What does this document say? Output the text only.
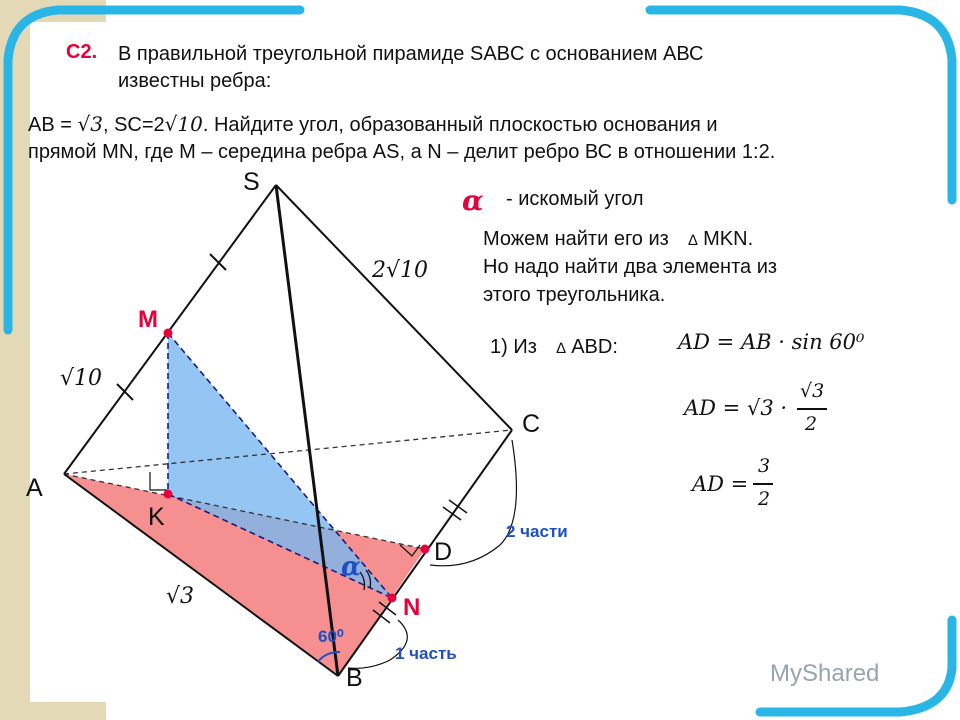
С2. В правильной треугольной пирамиде SABC с основанием АВС
известны ребра:
AB = √3, SC=2√10. Найдите угол, образованный плоскостью основания и
прямой MN, где М – середина ребра AS, а N – делит ребро ВС в отношении 1:2.
α - искомый угол
Можем найти его из ∆ MKN.
Но надо найти два элемента из
этого треугольника.
1) Из ∆ ABD:	AD = AB · sin 60⁰
AD = √3 ·
√3
2
AD =
3
2
S
A
B
C
K
D
M
N
2√10
√10
√3
60⁰
α
2 части
1 часть
MyShared
